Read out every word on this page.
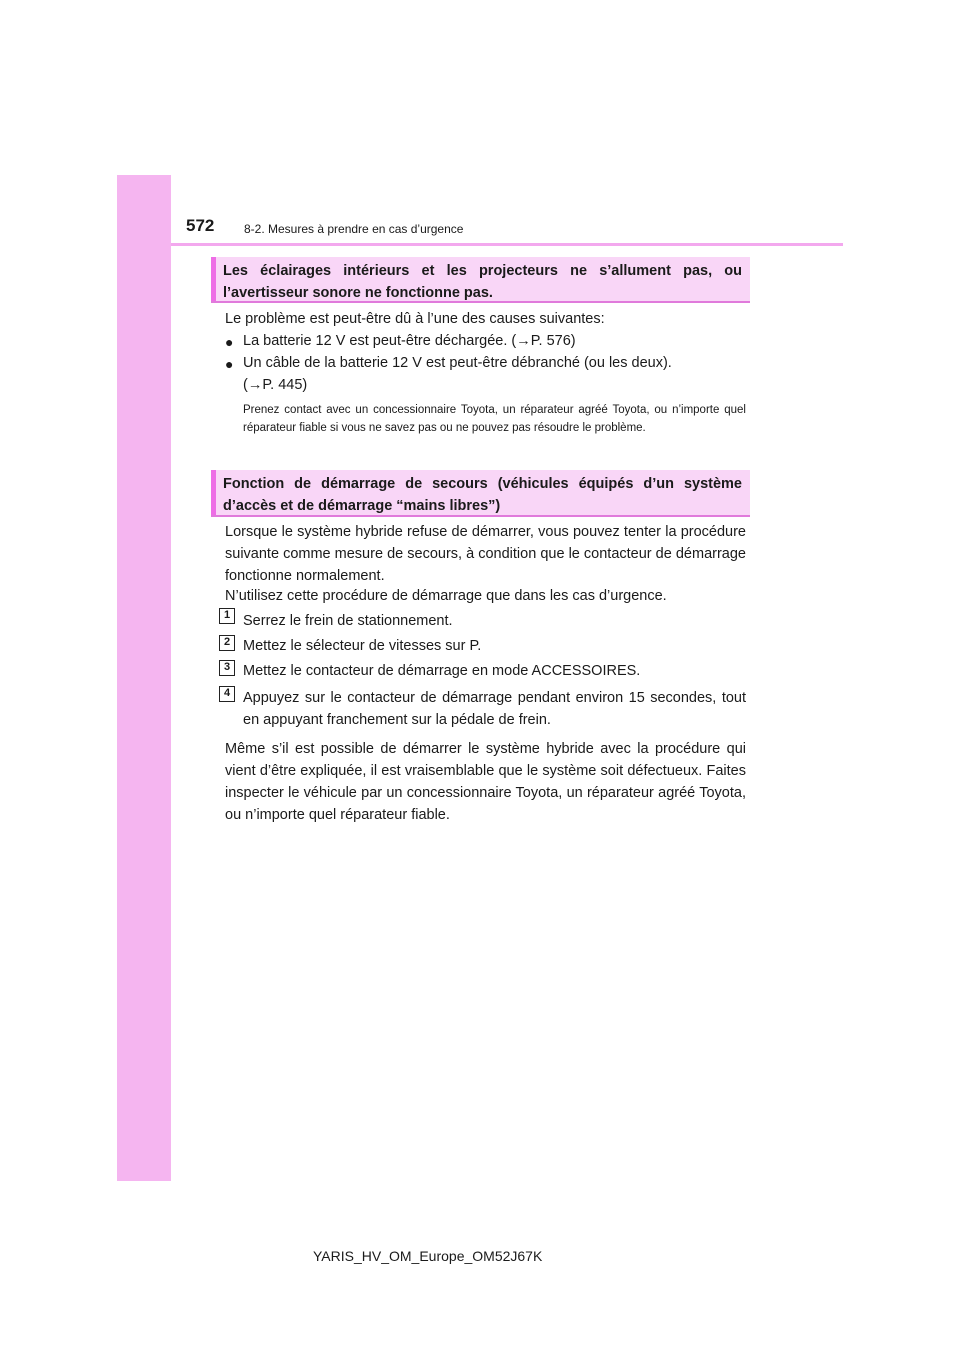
572 8-2. Mesures à prendre en cas d’urgence

Les éclairages intérieurs et les projecteurs ne s’allument pas, ou l’avertisseur sonore ne fonctionne pas.

Le problème est peut-être dû à l’une des causes suivantes:

● La batterie 12 V est peut-être déchargée. (→P. 576)

● Un câble de la batterie 12 V est peut-être débranché (ou les deux).

(→P. 445)

Prenez contact avec un concessionnaire Toyota, un réparateur agréé Toyota, ou n’importe quel réparateur fiable si vous ne savez pas ou ne pouvez pas résoudre le problème.

Fonction de démarrage de secours (véhicules équipés d’un système d’accès et de démarrage “mains libres”)

Lorsque le système hybride refuse de démarrer, vous pouvez tenter la procédure suivante comme mesure de secours, à condition que le contacteur de démarrage fonctionne normalement.

N’utilisez cette procédure de démarrage que dans les cas d’urgence.

1 Serrez le frein de stationnement.

2 Mettez le sélecteur de vitesses sur P.

3 Mettez le contacteur de démarrage en mode ACCESSOIRES.

4 Appuyez sur le contacteur de démarrage pendant environ 15 secondes, tout en appuyant franchement sur la pédale de frein.

Même s’il est possible de démarrer le système hybride avec la procédure qui vient d’être expliquée, il est vraisemblable que le système soit défectueux. Faites inspecter le véhicule par un concessionnaire Toyota, un réparateur agréé Toyota, ou n’importe quel réparateur fiable.

YARIS_HV_OM_Europe_OM52J67K
